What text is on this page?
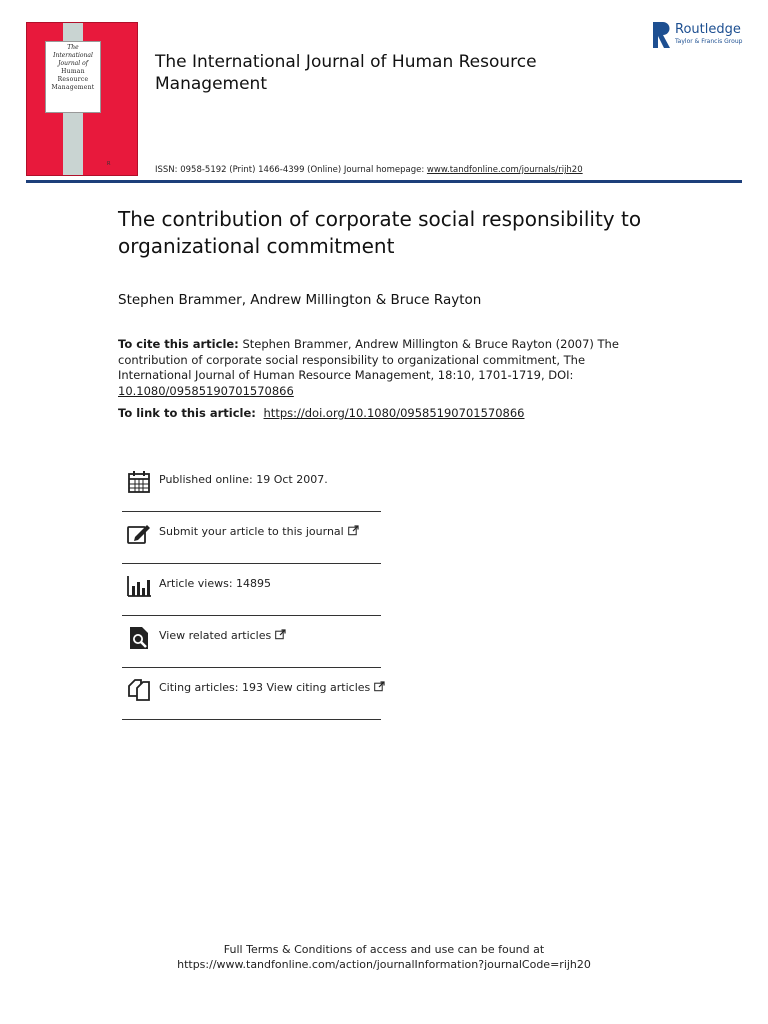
The
International
Journal of
Human
Resource
Management
R
The International Journal of Human Resource Management
Routledge
Taylor & Francis Group
ISSN: 0958-5192 (Print) 1466-4399 (Online) Journal homepage: www.tandfonline.com/journals/rijh20
The contribution of corporate social responsibility to organizational commitment
Stephen Brammer, Andrew Millington & Bruce Rayton
To cite this article: Stephen Brammer, Andrew Millington & Bruce Rayton (2007) The contribution of corporate social responsibility to organizational commitment, The International Journal of Human Resource Management, 18:10, 1701-1719, DOI: 10.1080/09585190701570866
To link to this article: https://doi.org/10.1080/09585190701570866
Published online: 19 Oct 2007.
Submit your article to this journal
Article views: 14895
View related articles
Citing articles: 193 View citing articles
Full Terms & Conditions of access and use can be found at
https://www.tandfonline.com/action/journalInformation?journalCode=rijh20
